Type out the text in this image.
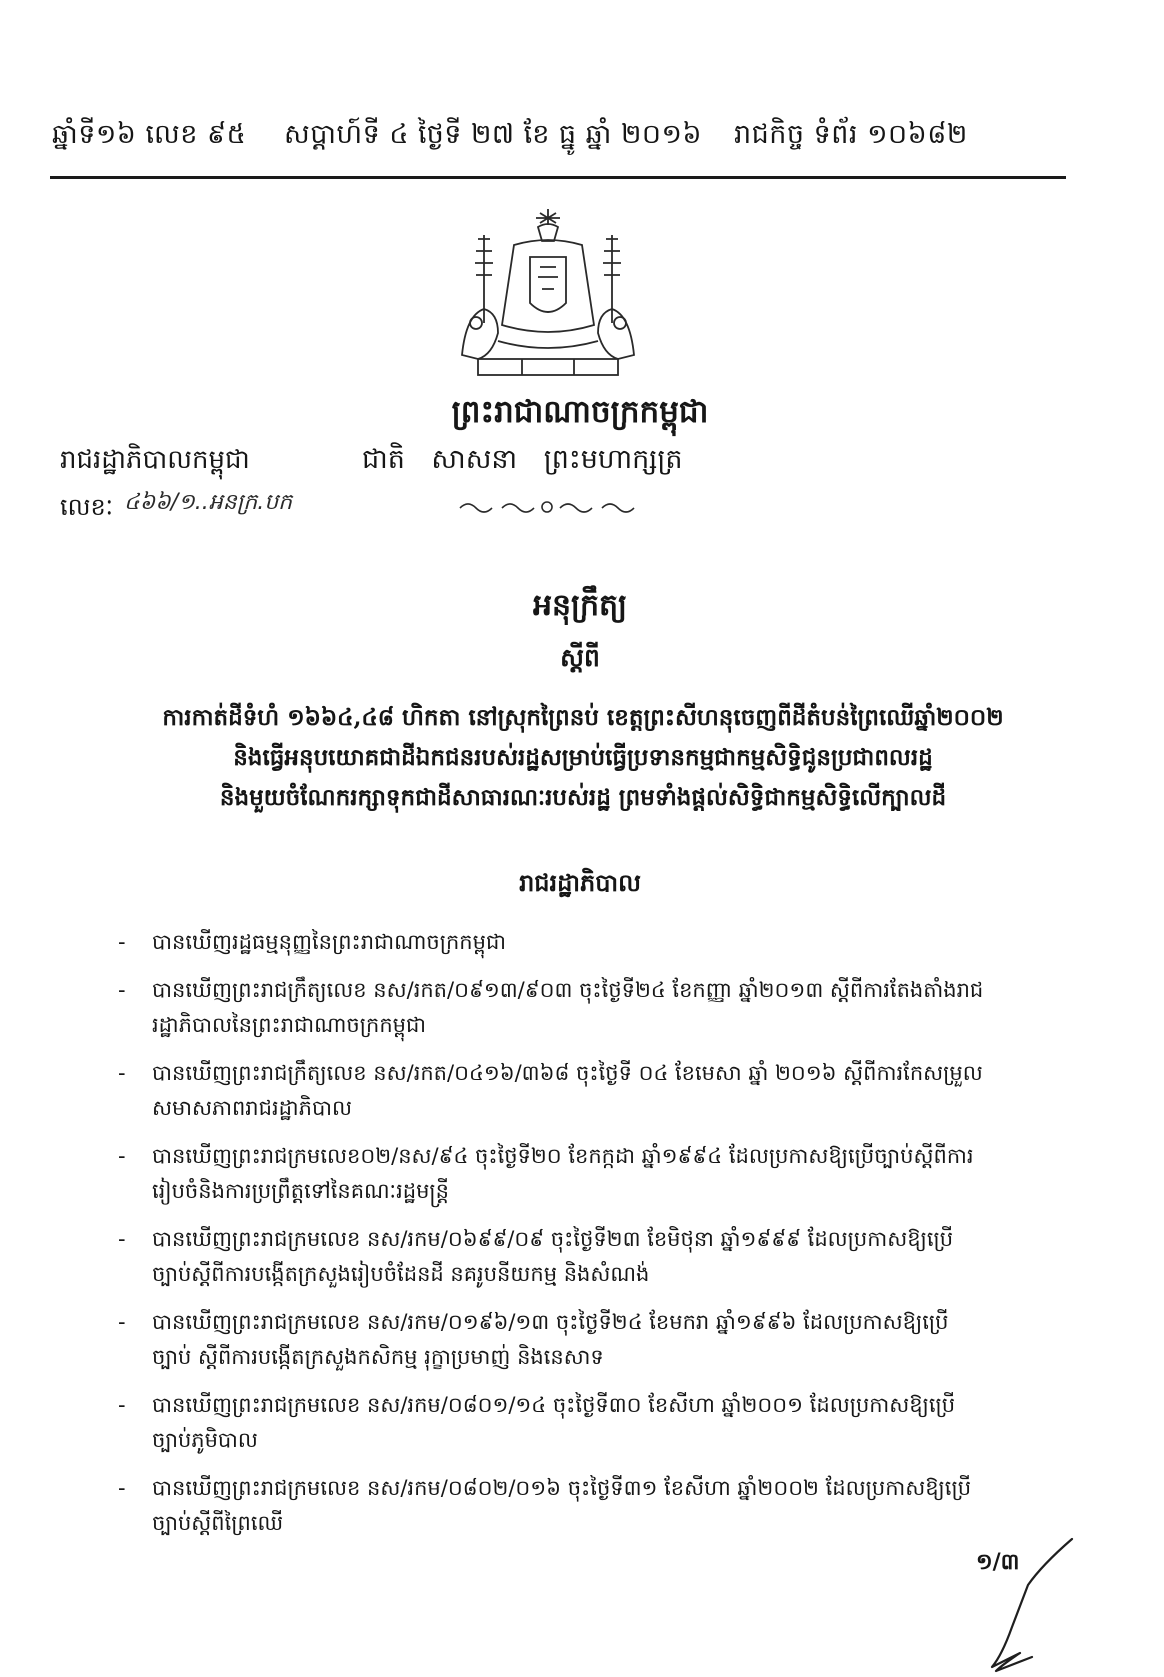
ឆ្នាំទី១៦ លេខ ៩៥ សប្តាហ៍ទី ៤ ថ្ងៃទី ២៧ ខែ ធ្នូ ឆ្នាំ ២០១៦ រាជកិច្ច ទំព័រ ១០៦៨២
ព្រះរាជាណាចក្រកម្ពុជា
រាជរដ្ឋាភិបាលកម្ពុជា	ជាតិ សាសនា ព្រះមហាក្សត្រ
លេខៈ ៤៦៦/១..អនក្រ.បក
អនុក្រឹត្យ
ស្តីពី
ការកាត់ដីទំហំ ១៦៦៤,៤៨ ហិកតា នៅស្រុកព្រៃនប់ ខេត្តព្រះសីហនុចេញពីដីតំបន់ព្រៃឈើឆ្នាំ២០០២
និងធ្វើអនុបយោគជាដីឯកជនរបស់រដ្ឋសម្រាប់ធ្វើប្រទានកម្មជាកម្មសិទ្ធិជូនប្រជាពលរដ្ឋ
និងមួយចំណែករក្សាទុកជាដីសាធារណៈរបស់រដ្ឋ ព្រមទាំងផ្តល់សិទ្ធិជាកម្មសិទ្ធិលើក្បាលដី
រាជរដ្ឋាភិបាល
- បានឃើញរដ្ឋធម្មនុញ្ញនៃព្រះរាជាណាចក្រកម្ពុជា
- បានឃើញព្រះរាជក្រឹត្យលេខ នស/រកត/០៩១៣/៩០៣ ចុះថ្ងៃទី២៤ ខែកញ្ញា ឆ្នាំ២០១៣ ស្តីពីការតែងតាំងរាជ
រដ្ឋាភិបាលនៃព្រះរាជាណាចក្រកម្ពុជា
- បានឃើញព្រះរាជក្រឹត្យលេខ នស/រកត/០៤១៦/៣៦៨ ចុះថ្ងៃទី ០៤ ខែមេសា ឆ្នាំ ២០១៦ ស្តីពីការកែសម្រួល
សមាសភាពរាជរដ្ឋាភិបាល
- បានឃើញព្រះរាជក្រមលេខ០២/នស/៩៤ ចុះថ្ងៃទី២០ ខែកក្កដា ឆ្នាំ១៩៩៤ ដែលប្រកាសឱ្យប្រើច្បាប់ស្តីពីការ
រៀបចំនិងការប្រព្រឹត្តទៅនៃគណៈរដ្ឋមន្ត្រី
- បានឃើញព្រះរាជក្រមលេខ នស/រកម/០៦៩៩/០៩ ចុះថ្ងៃទី២៣ ខែមិថុនា ឆ្នាំ១៩៩៩ ដែលប្រកាសឱ្យប្រើ
ច្បាប់ស្តីពីការបង្កើតក្រសួងរៀបចំដែនដី នគរូបនីយកម្ម និងសំណង់
- បានឃើញព្រះរាជក្រមលេខ នស/រកម/០១៩៦/១៣ ចុះថ្ងៃទី២៤ ខែមករា ឆ្នាំ១៩៩៦ ដែលប្រកាសឱ្យប្រើ
ច្បាប់ ស្តីពីការបង្កើតក្រសួងកសិកម្ម រុក្ខាប្រមាញ់ និងនេសាទ
- បានឃើញព្រះរាជក្រមលេខ នស/រកម/០៨០១/១៤ ចុះថ្ងៃទី៣០ ខែសីហា ឆ្នាំ២០០១ ដែលប្រកាសឱ្យប្រើ
ច្បាប់ភូមិបាល
- បានឃើញព្រះរាជក្រមលេខ នស/រកម/០៨០២/០១៦ ចុះថ្ងៃទី៣១ ខែសីហា ឆ្នាំ២០០២ ដែលប្រកាសឱ្យប្រើ
ច្បាប់ស្តីពីព្រៃឈើ
១/៣
